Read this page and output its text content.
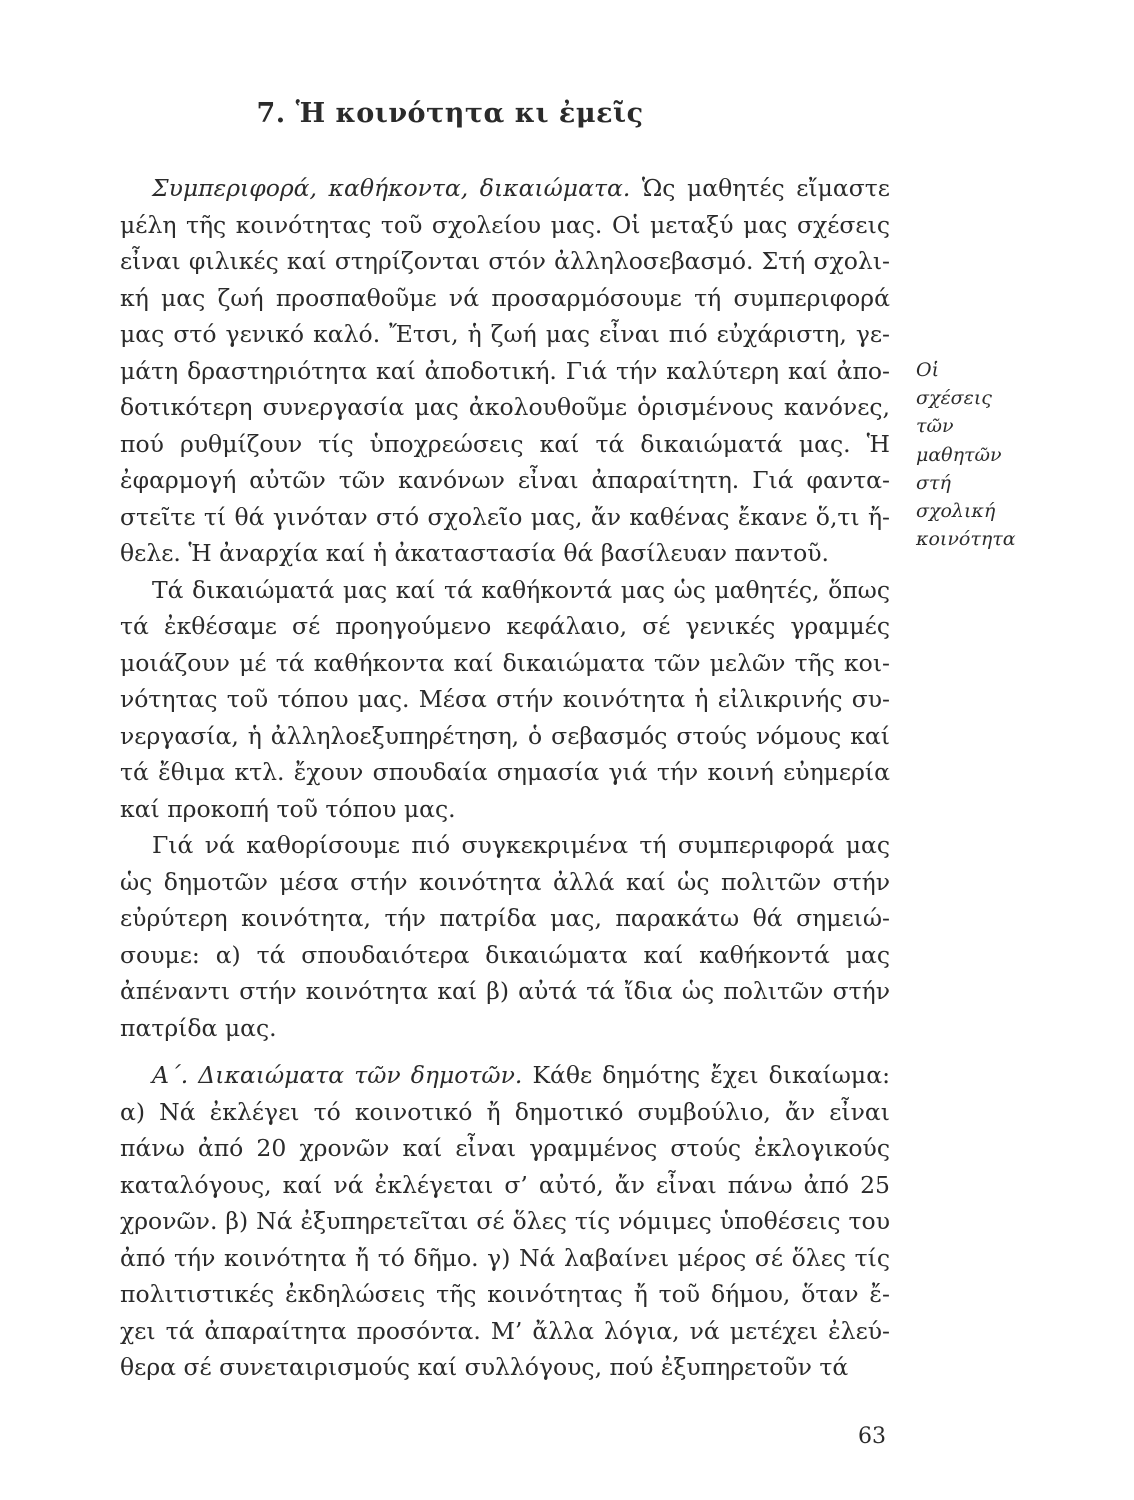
7. Ἡ κοινότητα κι ἐμεῖς

Συμπεριφορά, καθήκοντα, δικαιώματα. Ὡς μαθητές εἴμαστε μέλη τῆς κοινότητας τοῦ σχολείου μας. Οἱ μεταξύ μας σχέσεις εἶναι φιλικές καί στηρίζονται στόν ἀλληλοσεβασμό. Στή σχολική μας ζωή προσπαθοῦμε νά προσαρμόσουμε τή συμπεριφορά μας στό γενικό καλό. Ἔτσι, ἡ ζωή μας εἶναι πιό εὐχάριστη, γεμάτη δραστηριότητα καί ἀποδοτική. Γιά τήν καλύτερη καί ἀποδοτικότερη συνεργασία μας ἀκολουθοῦμε ὁρισμένους κανόνες, πού ρυθμίζουν τίς ὑποχρεώσεις καί τά δικαιώματά μας. Ἡ ἐφαρμογή αὐτῶν τῶν κανόνων εἶναι ἀπαραίτητη. Γιά φανταστεῖτε τί θά γινόταν στό σχολεῖο μας, ἄν καθένας ἔκανε ὅ,τι ἤθελε. Ἡ ἀναρχία καί ἡ ἀκαταστασία θά βασίλευαν παντοῦ.

Τά δικαιώματά μας καί τά καθήκοντά μας ὡς μαθητές, ὅπως τά ἐκθέσαμε σέ προηγούμενο κεφάλαιο, σέ γενικές γραμμές μοιάζουν μέ τά καθήκοντα καί δικαιώματα τῶν μελῶν τῆς κοινότητας τοῦ τόπου μας. Μέσα στήν κοινότητα ἡ εἰλικρινής συνεργασία, ἡ ἀλληλοεξυπηρέτηση, ὁ σεβασμός στούς νόμους καί τά ἔθιμα κτλ. ἔχουν σπουδαία σημασία γιά τήν κοινή εὐημερία καί προκοπή τοῦ τόπου μας.

Γιά νά καθορίσουμε πιό συγκεκριμένα τή συμπεριφορά μας ὡς δημοτῶν μέσα στήν κοινότητα ἀλλά καί ὡς πολιτῶν στήν εὐρύτερη κοινότητα, τήν πατρίδα μας, παρακάτω θά σημειώσουμε: α) τά σπουδαιότερα δικαιώματα καί καθήκοντά μας ἀπέναντι στήν κοινότητα καί β) αὐτά τά ἴδια ὡς πολιτῶν στήν πατρίδα μας.

Οἱ
σχέσεις
τῶν
μαθητῶν
στή
σχολική
κοινότητα

Α΄. Δικαιώματα τῶν δημοτῶν. Κάθε δημότης ἔχει δικαίωμα: α) Νά ἐκλέγει τό κοινοτικό ἤ δημοτικό συμβούλιο, ἄν εἶναι πάνω ἀπό 20 χρονῶν καί εἶναι γραμμένος στούς ἐκλογικούς καταλόγους, καί νά ἐκλέγεται σ’ αὐτό, ἄν εἶναι πάνω ἀπό 25 χρονῶν. β) Νά ἐξυπηρετεῖται σέ ὅλες τίς νόμιμες ὑποθέσεις του ἀπό τήν κοινότητα ἤ τό δῆμο. γ) Νά λαβαίνει μέρος σέ ὅλες τίς πολιτιστικές ἐκδηλώσεις τῆς κοινότητας ἤ τοῦ δήμου, ὅταν ἔχει τά ἀπαραίτητα προσόντα. Μ’ ἄλλα λόγια, νά μετέχει ἐλεύθερα σέ συνεταιρισμούς καί συλλόγους, πού ἐξυπηρετοῦν τά

63
